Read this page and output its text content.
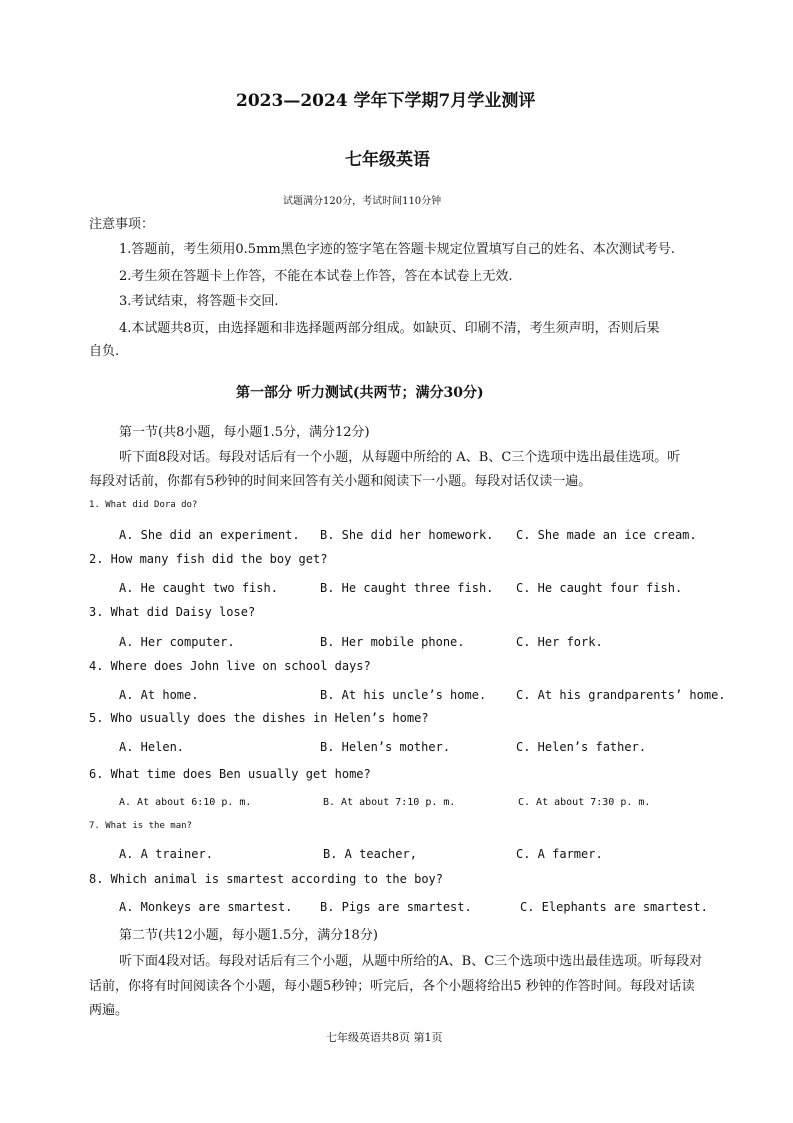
2023—2024 学年下学期7月学业测评
七年级英语
试题满分120分，考试时间110分钟
注意事项：
1.答题前，考生须用0.5mm黑色字迹的签字笔在答题卡规定位置填写自己的姓名、本次测试考号.
2.考生须在答题卡上作答，不能在本试卷上作答，答在本试卷上无效.
3.考试结束，将答题卡交回.
4.本试题共8页，由选择题和非选择题两部分组成。如缺页、印刷不清，考生须声明，否则后果
自负.
第一部分 听力测试(共两节；满分30分)
第一节(共8小题，每小题1.5分，满分12分)
听下面8段对话。每段对话后有一个小题，从每题中所给的 A、B、C三个选项中选出最佳选项。听
每段对话前，你都有5秒钟的时间来回答有关小题和阅读下一小题。每段对话仅读一遍。
1. What did Dora do?
A. She did an experiment. B. She did her homework. C. She made an ice cream.
2. How many fish did the boy get?
A. He caught two fish.	B. He caught three fish. C. He caught four fish.
3. What did Daisy lose?
A. Her computer.	B. Her mobile phone.	C. Her fork.
4. Where does John live on school days?
A. At home.	B. At his uncle’s home. C. At his grandparents’ home.
5. Who usually does the dishes in Helen’s home?
A. Helen.	B. Helen’s mother.	C. Helen’s father.
6. What time does Ben usually get home?
A. At about 6:10 p. m.	B. At about 7:10 p. m.	C. At about 7:30 p. m.
7. What is the man?
A. A trainer.	B. A teacher,	C. A farmer.
8. Which animal is smartest according to the boy?
A. Monkeys are smartest. B. Pigs are smartest.	C. Elephants are smartest.
第二节(共12小题，每小题1.5分，满分18分)
听下面4段对话。每段对话后有三个小题，从题中所给的A、B、C三个选项中选出最佳选项。听每段对
话前，你将有时间阅读各个小题，每小题5秒钟；听完后，各个小题将给出5 秒钟的作答时间。每段对话读
两遍。
七年级英语共8页 第1页
